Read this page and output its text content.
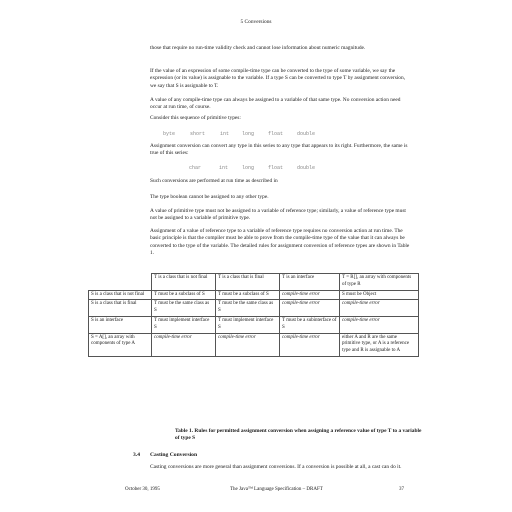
5 Conversions
those that require no run-time validity check and cannot lose information about numeric magnitude.
If the value of an expression of some compile-time type can be converted to the type of some variable, we say the expression (or its value) is assignable to the variable. If a type S can be converted to type T by assignment conversion, we say that S is assignable to T.
A value of any compile-time type can always be assigned to a variable of that same type. No conversion action need occur at run time, of course.
Consider this sequence of primitive types:
byte	short	int	long	float	double
Assignment conversion can convert any type in this series to any type that appears to its right. Furthermore, the same is true of this series:
char	int	long	float	double
Such conversions are performed at run time as described in
The type boolean cannot be assigned to any other type.
A value of primitive type must not be assigned to a variable of reference type; similarly, a value of reference type must not be assigned to a variable of primitive type.
Assignment of a value of reference type to a variable of reference type requires no conversion action at run time. The basic principle is that the compiler must be able to prove from the compile-time type of the value that it can always be converted to the type of the variable. The detailed rules for assignment conversion of reference types are shown in Table 1.
	T is a class that is not final	T is a class that is final	T is an interface	T = R[], an array with components of type R
S is a class that is not final	T must be a subclass of S	T must be a subclass of S	compile-time error	S must be Object
S is a class that is final	T must be the same class as S	T must be the same class as S	compile-time error	compile-time error
S is an interface	T must implement interface S	T must implement interface S	T must be a subinterface of S	compile-time error
S = A[], an array with components of type A	compile-time error	compile-time error	compile-time error	either A and R are the same primitive type, or A is a reference type and R is assignable to A
Table 1. Rules for permitted assignment conversion when assigning a reference value of type T to a variable of type S
3.4 Casting Conversion
Casting conversions are more general than assignment conversions. If a conversion is possible at all, a cast can do it.
October 30, 1995	The Java™ Language Specification – DRAFT	37
